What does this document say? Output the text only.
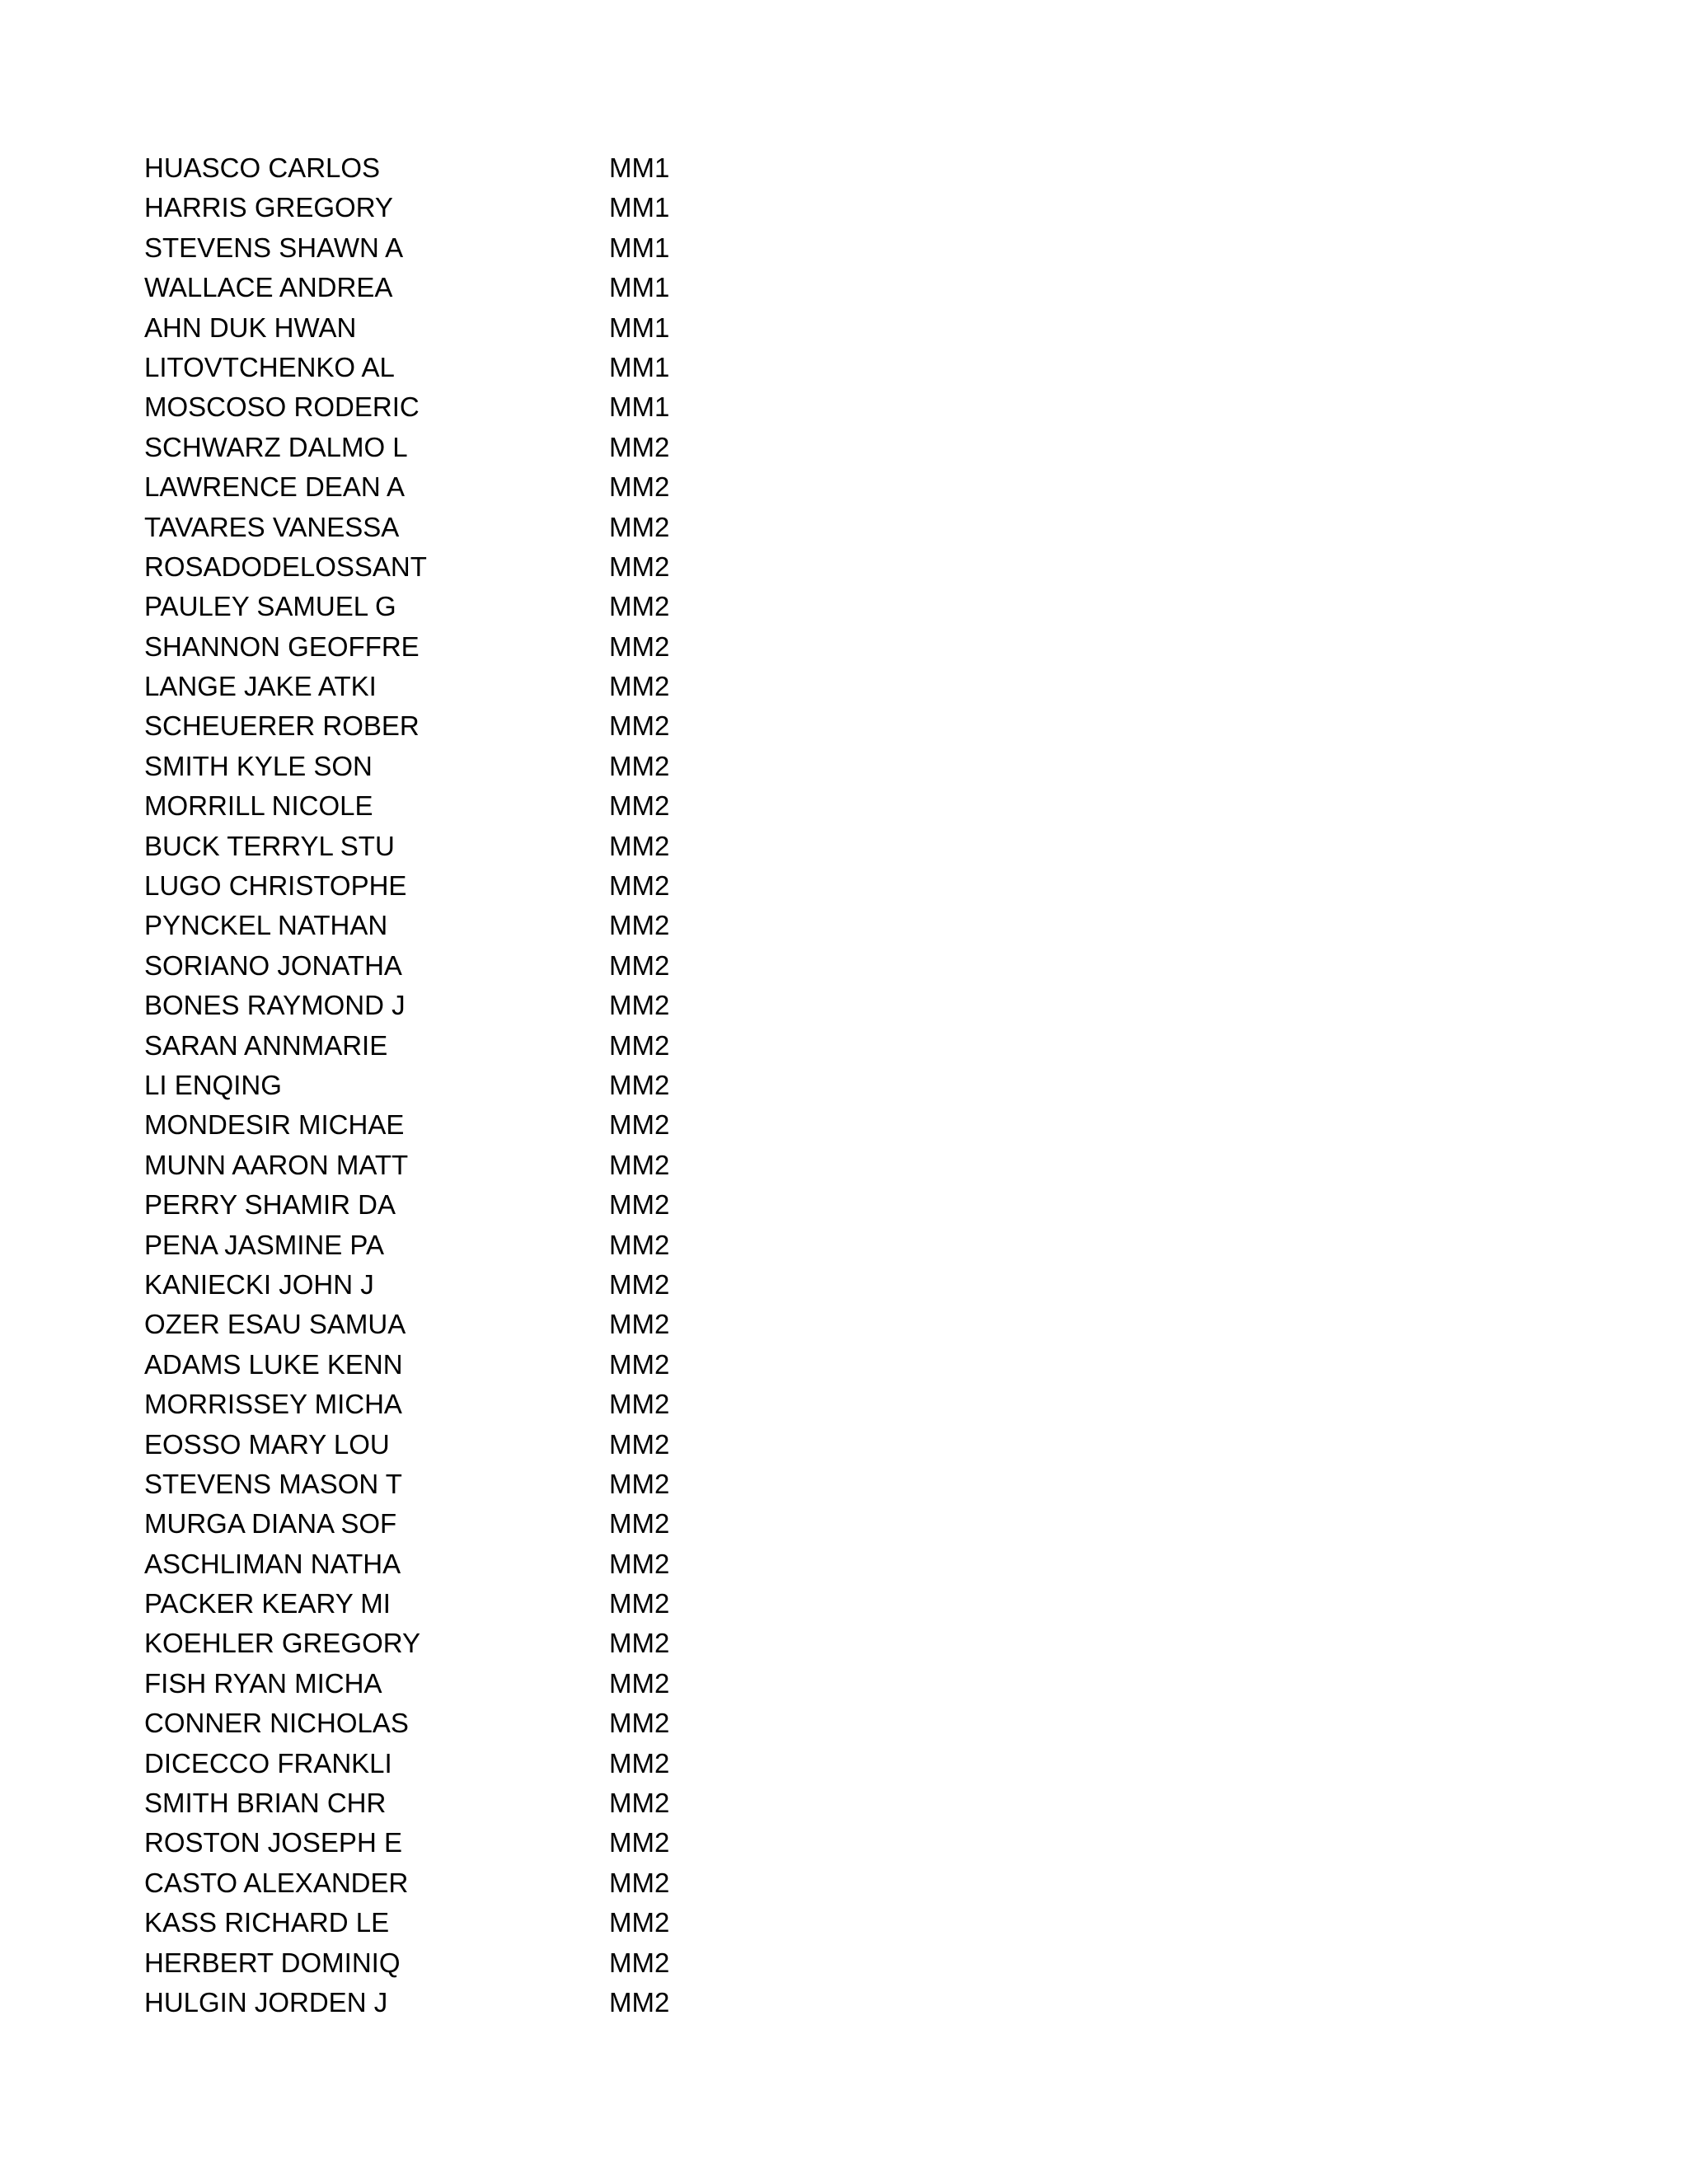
HUASCO CARLOS	MM1
HARRIS GREGORY	MM1
STEVENS SHAWN A	MM1
WALLACE ANDREA	MM1
AHN DUK HWAN	MM1
LITOVTCHENKO AL	MM1
MOSCOSO RODERIC	MM1
SCHWARZ DALMO L	MM2
LAWRENCE DEAN A	MM2
TAVARES VANESSA	MM2
ROSADODELOSSANT	MM2
PAULEY SAMUEL G	MM2
SHANNON GEOFFRE	MM2
LANGE JAKE ATKI	MM2
SCHEUERER ROBER	MM2
SMITH KYLE SON	MM2
MORRILL NICOLE	MM2
BUCK TERRYL STU	MM2
LUGO CHRISTOPHE	MM2
PYNCKEL NATHAN	MM2
SORIANO JONATHA	MM2
BONES RAYMOND J	MM2
SARAN ANNMARIE	MM2
LI ENQING	MM2
MONDESIR MICHAE	MM2
MUNN AARON MATT	MM2
PERRY SHAMIR DA	MM2
PENA JASMINE PA	MM2
KANIECKI JOHN J	MM2
OZER ESAU SAMUA	MM2
ADAMS LUKE KENN	MM2
MORRISSEY MICHA	MM2
EOSSO MARY LOU	MM2
STEVENS MASON T	MM2
MURGA DIANA SOF	MM2
ASCHLIMAN NATHA	MM2
PACKER KEARY MI	MM2
KOEHLER GREGORY	MM2
FISH RYAN MICHA	MM2
CONNER NICHOLAS	MM2
DICECCO FRANKLI	MM2
SMITH BRIAN CHR	MM2
ROSTON JOSEPH E	MM2
CASTO ALEXANDER	MM2
KASS RICHARD LE	MM2
HERBERT DOMINIQ	MM2
HULGIN JORDEN J	MM2
